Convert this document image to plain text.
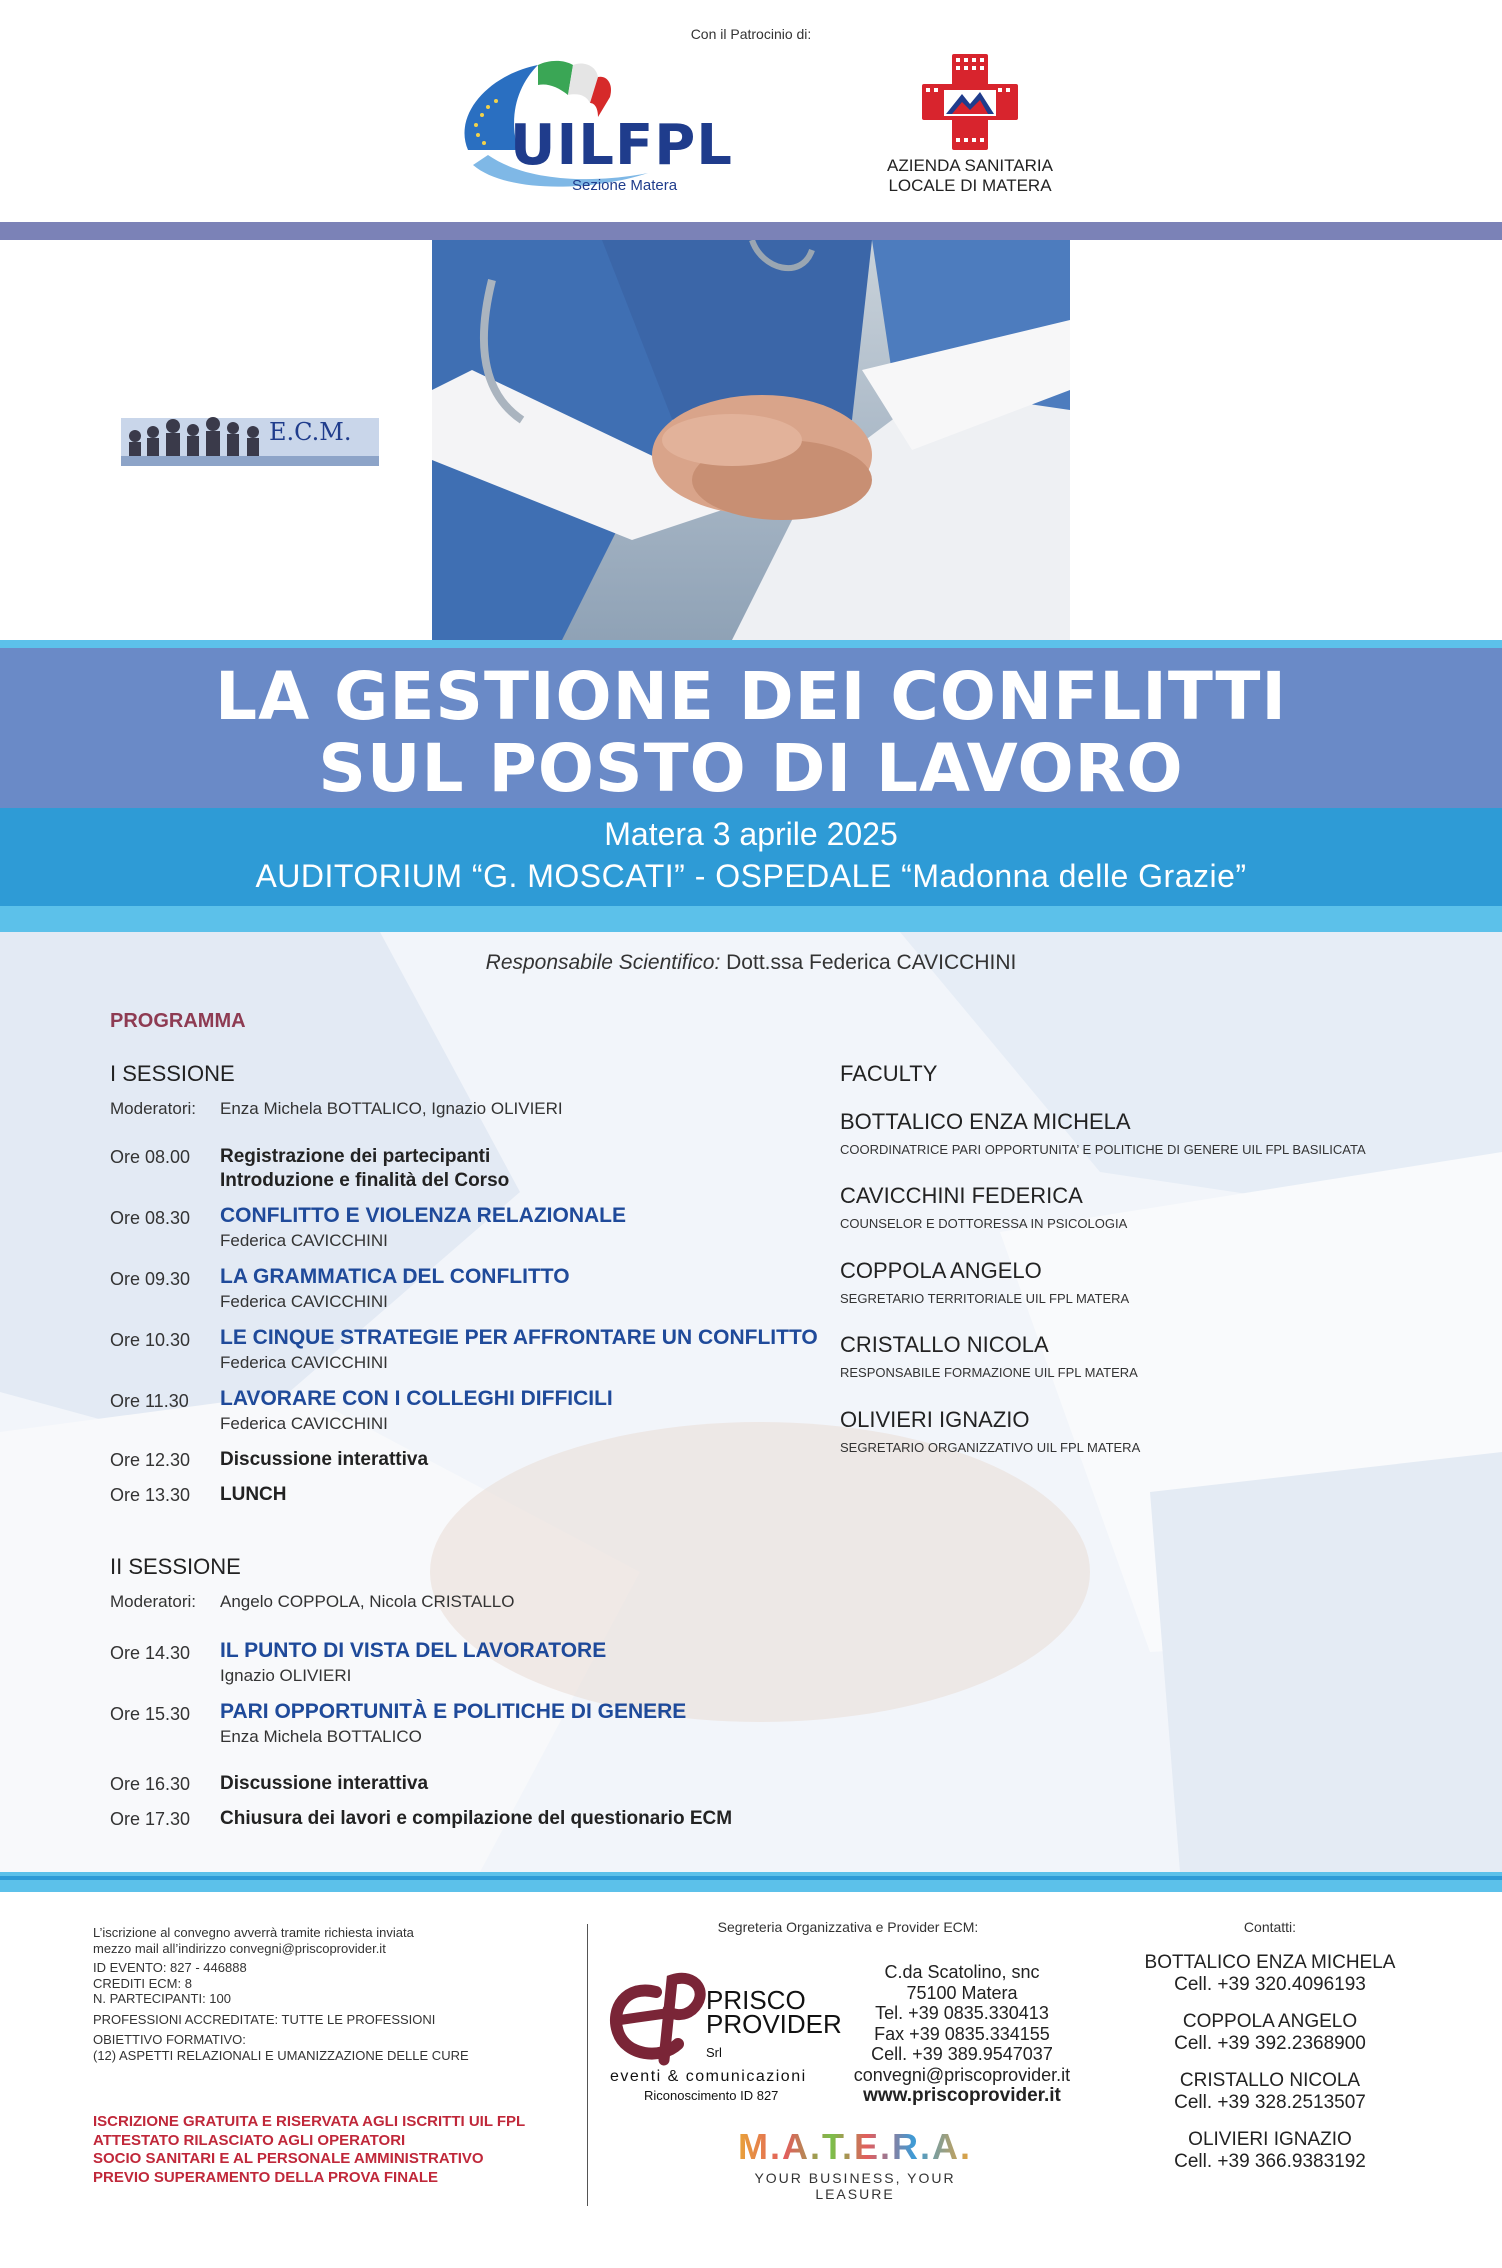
Con il Patrocinio di:
UILFPL
Sezione Matera
AZIENDA SANITARIA
LOCALE DI MATERA
E.C.M.
LA GESTIONE DEI CONFLITTI
SUL POSTO DI LAVORO
Matera 3 aprile 2025
AUDITORIUM “G. MOSCATI” - OSPEDALE “Madonna delle Grazie”
Responsabile Scientifico: Dott.ssa Federica CAVICCHINI
PROGRAMMA
I SESSIONE
Moderatori: Enza Michela BOTTALICO, Ignazio OLIVIERI
Ore 08.00 Registrazione dei partecipanti
Introduzione e finalità del Corso
Ore 08.30 CONFLITTO E VIOLENZA RELAZIONALE
Federica CAVICCHINI
Ore 09.30 LA GRAMMATICA DEL CONFLITTO
Federica CAVICCHINI
Ore 10.30 LE CINQUE STRATEGIE PER AFFRONTARE UN CONFLITTO
Federica CAVICCHINI
Ore 11.30 LAVORARE CON I COLLEGHI DIFFICILI
Federica CAVICCHINI
Ore 12.30 Discussione interattiva
Ore 13.30 LUNCH
II SESSIONE
Moderatori: Angelo COPPOLA, Nicola CRISTALLO
Ore 14.30 IL PUNTO DI VISTA DEL LAVORATORE
Ignazio OLIVIERI
Ore 15.30 PARI OPPORTUNITÀ E POLITICHE DI GENERE
Enza Michela BOTTALICO
Ore 16.30 Discussione interattiva
Ore 17.30 Chiusura dei lavori e compilazione del questionario ECM
FACULTY
BOTTALICO ENZA MICHELA
COORDINATRICE PARI OPPORTUNITA’ E POLITICHE DI GENERE UIL FPL BASILICATA
CAVICCHINI FEDERICA
COUNSELOR E DOTTORESSA IN PSICOLOGIA
COPPOLA ANGELO
SEGRETARIO TERRITORIALE UIL FPL MATERA
CRISTALLO NICOLA
RESPONSABILE FORMAZIONE UIL FPL MATERA
OLIVIERI IGNAZIO
SEGRETARIO ORGANIZZATIVO UIL FPL MATERA
L’iscrizione al convegno avverrà tramite richiesta inviata
mezzo mail all’indirizzo convegni@priscoprovider.it
ID EVENTO: 827 - 446888
CREDITI ECM: 8
N. PARTECIPANTI: 100
PROFESSIONI ACCREDITATE: TUTTE LE PROFESSIONI
OBIETTIVO FORMATIVO:
(12) ASPETTI RELAZIONALI E UMANIZZAZIONE DELLE CURE
ISCRIZIONE GRATUITA E RISERVATA AGLI ISCRITTI UIL FPL
ATTESTATO RILASCIATO AGLI OPERATORI
SOCIO SANITARI E AL PERSONALE AMMINISTRATIVO
PREVIO SUPERAMENTO DELLA PROVA FINALE
Segreteria Organizzativa e Provider ECM:
PRISCO
PROVIDER Srl
eventi & comunicazioni
Riconoscimento ID 827
C.da Scatolino, snc
75100 Matera
Tel. +39 0835.330413
Fax +39 0835.334155
Cell. +39 389.9547037
convegni@priscoprovider.it
www.priscoprovider.it
M.A.T.E.R.A.
YOUR BUSINESS, YOUR LEASURE
Contatti:
BOTTALICO ENZA MICHELA
Cell. +39 320.4096193
COPPOLA ANGELO
Cell. +39 392.2368900
CRISTALLO NICOLA
Cell. +39 328.2513507
OLIVIERI IGNAZIO
Cell. +39 366.9383192
